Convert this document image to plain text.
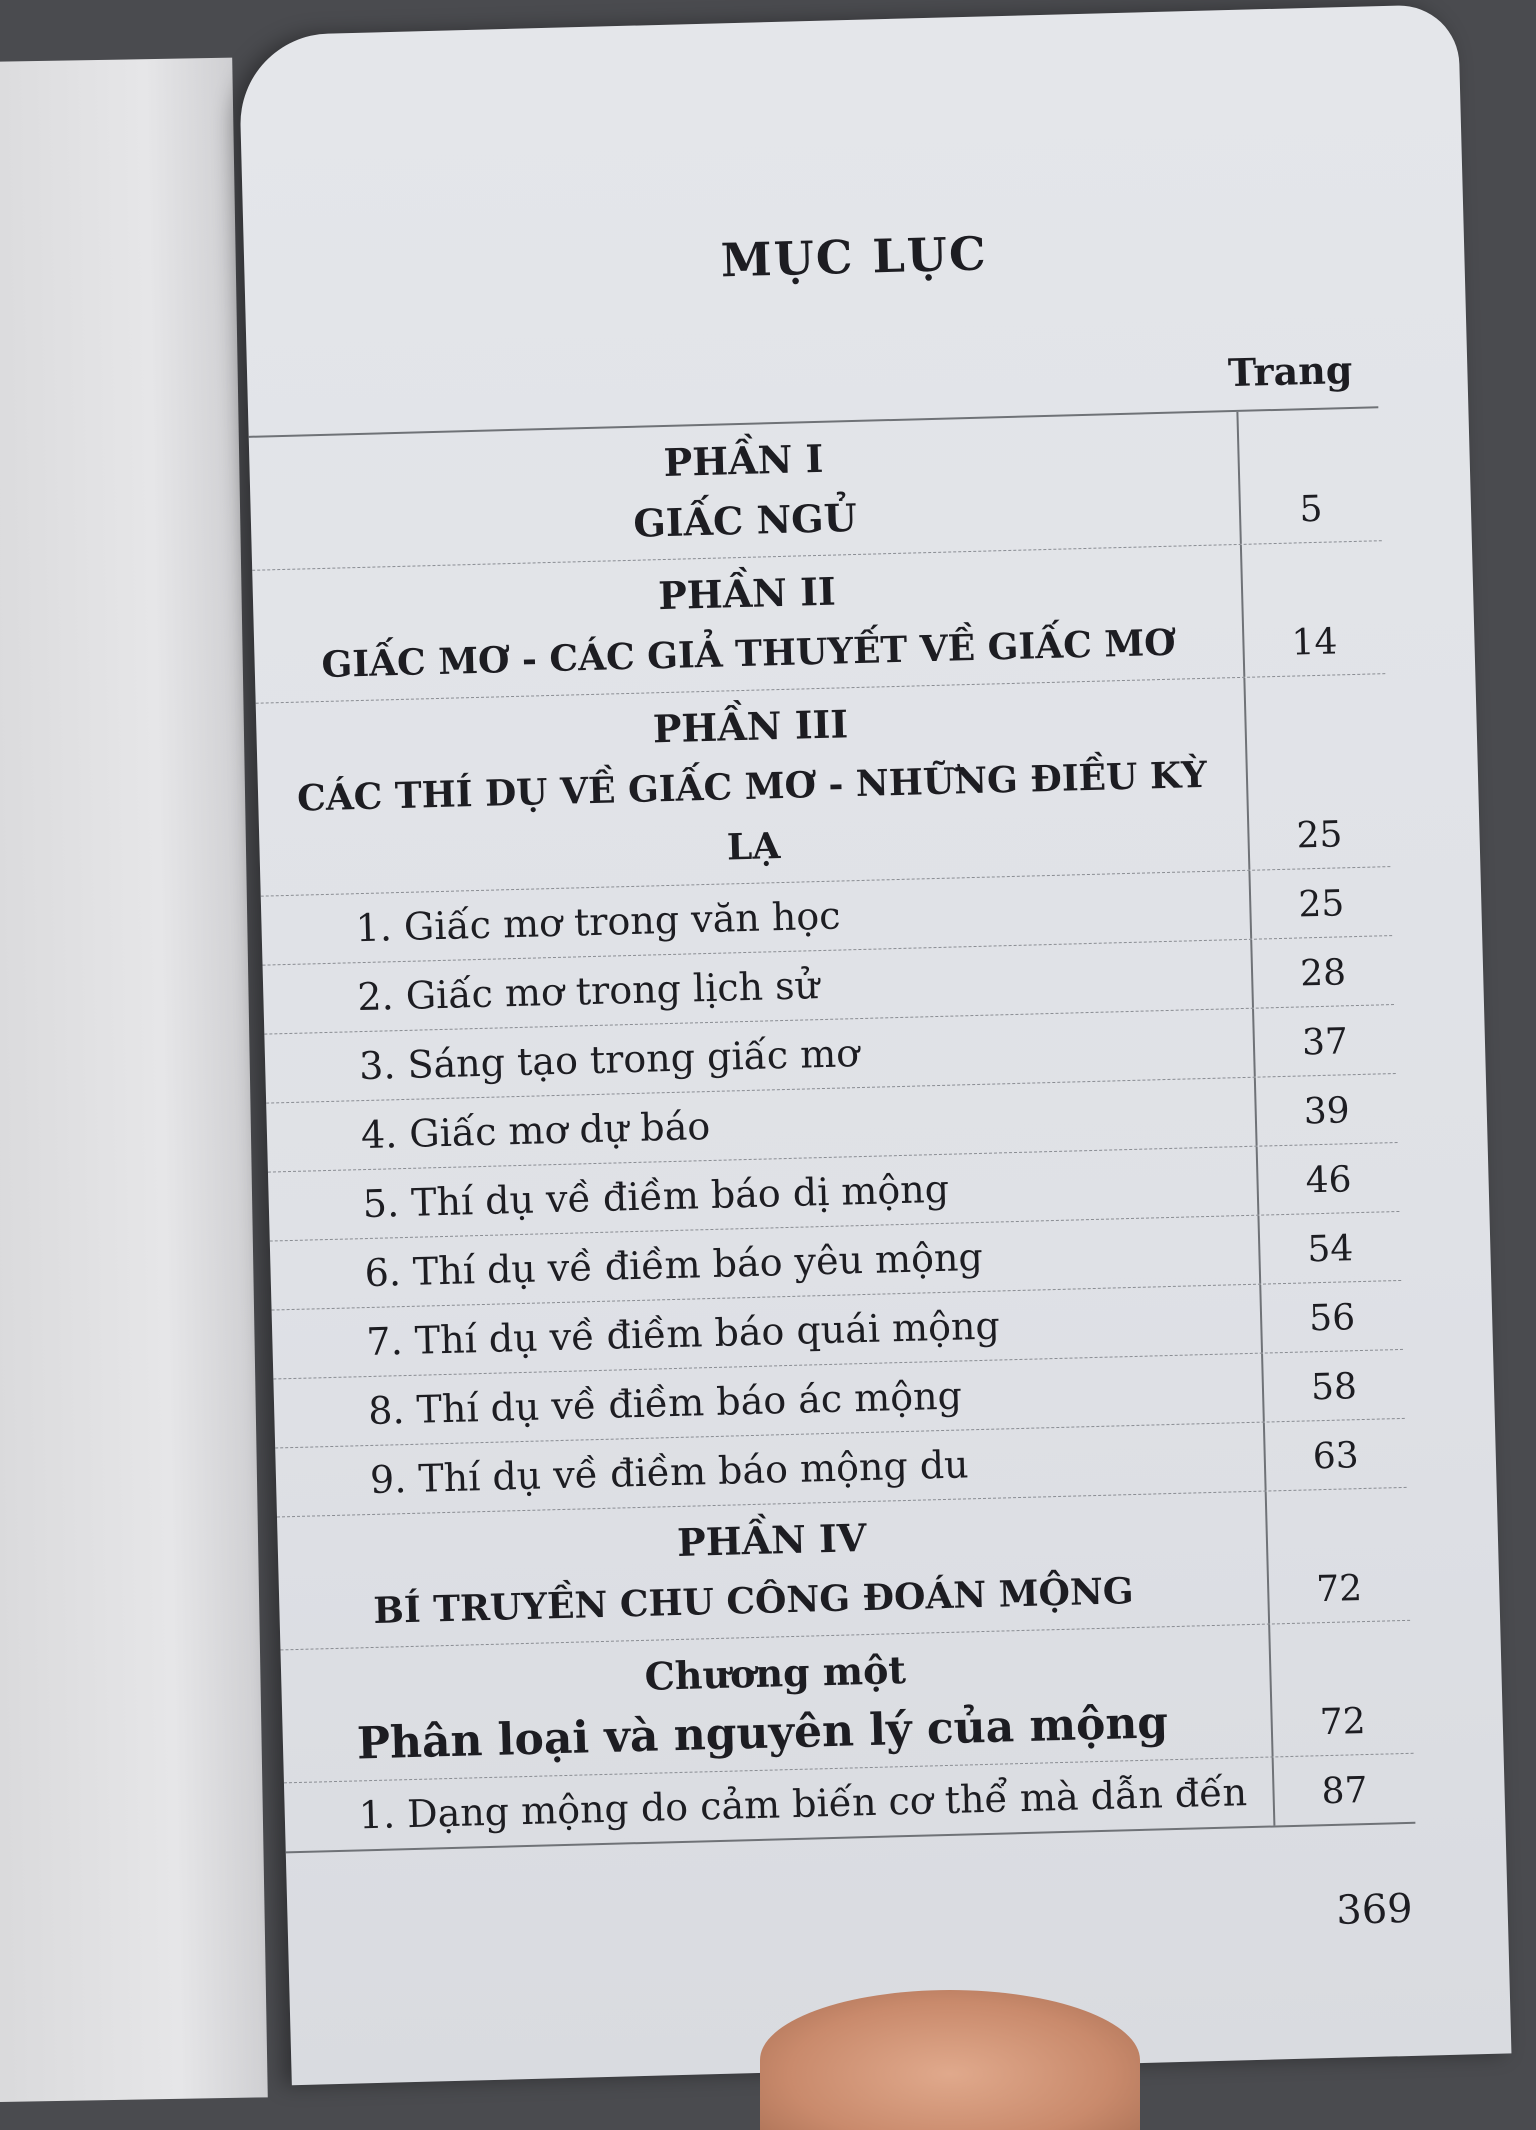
MỤC LỤC
Trang
PHẦN I
GIẤC NGỦ	5
PHẦN II
GIẤC MƠ - CÁC GIẢ THUYẾT VỀ GIẤC MƠ	14
PHẦN III
CÁC THÍ DỤ VỀ GIẤC MƠ - NHỮNG ĐIỀU KỲ LẠ	25
1. Giấc mơ trong văn học	25
2. Giấc mơ trong lịch sử	28
3. Sáng tạo trong giấc mơ	37
4. Giấc mơ dự báo	39
5. Thí dụ về điềm báo dị mộng	46
6. Thí dụ về điềm báo yêu mộng	54
7. Thí dụ về điềm báo quái mộng	56
8. Thí dụ về điềm báo ác mộng	58
9. Thí dụ về điềm báo mộng du	63
PHẦN IV
BÍ TRUYỀN CHU CÔNG ĐOÁN MỘNG	72
Chương một
Phân loại và nguyên lý của mộng	72
1. Dạng mộng do cảm biến cơ thể mà dẫn đến	87
369
